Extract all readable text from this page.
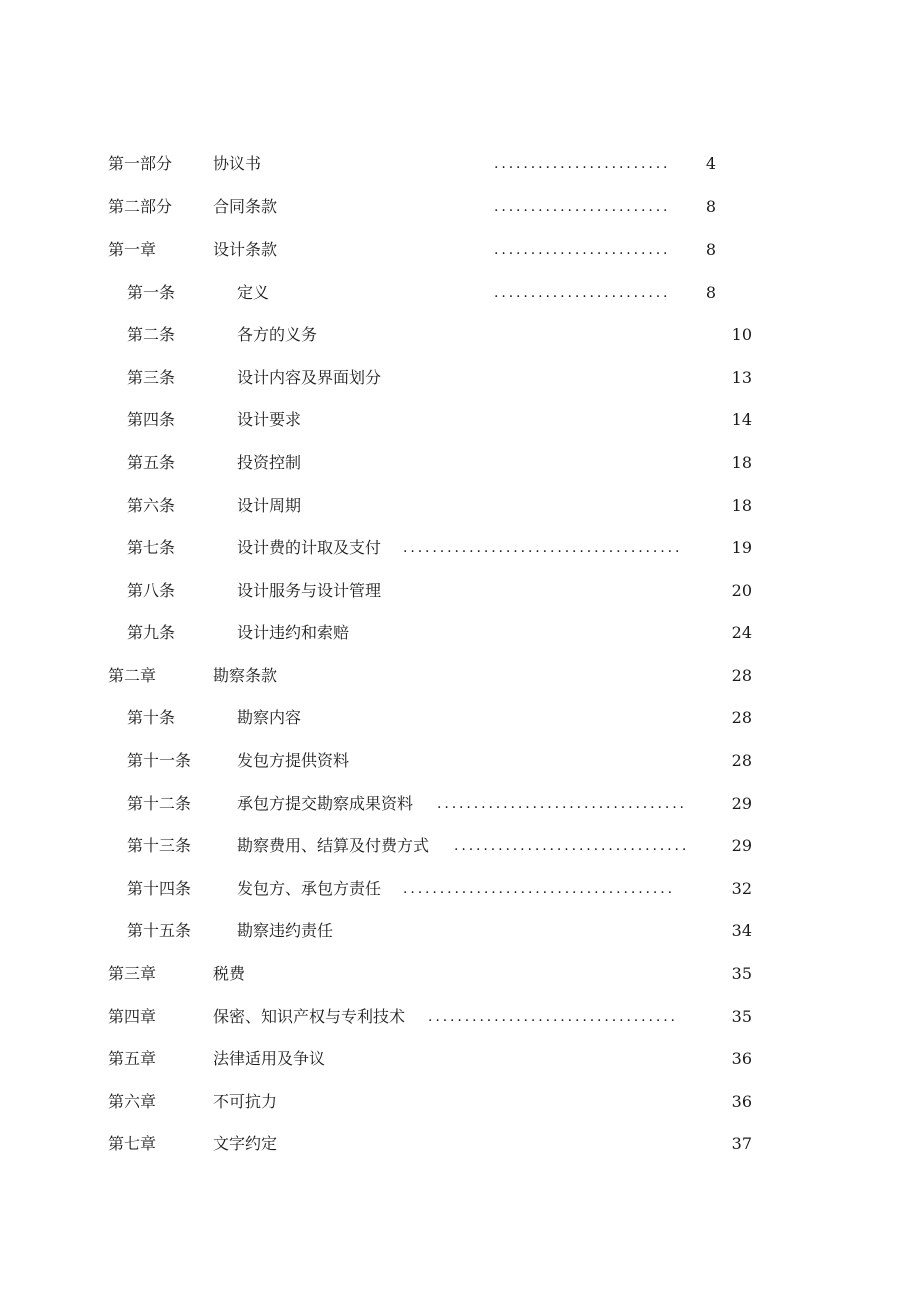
第一部分	协议书	........................	4
第二部分	合同条款	........................	8
第一章	设计条款	........................	8
第一条	定义	........................	8
第二条	各方的义务	10
第三条	设计内容及界面划分	13
第四条	设计要求	14
第五条	投资控制	18
第六条	设计周期	18
第七条	设计费的计取及支付 ......................................	19
第八条	设计服务与设计管理	20
第九条	设计违约和索赔	24
第二章	勘察条款	28
第十条	勘察内容	28
第十一条	发包方提供资料	28
第十二条	承包方提交勘察成果资料 ..................................	29
第十三条	勘察费用、结算及付费方式 ................................	29
第十四条	发包方、承包方责任 .....................................	32
第十五条	勘察违约责任	34
第三章	税费	35
第四章	保密、知识产权与专利技术 ..................................	35
第五章	法律适用及争议	36
第六章	不可抗力	36
第七章	文字约定	37
